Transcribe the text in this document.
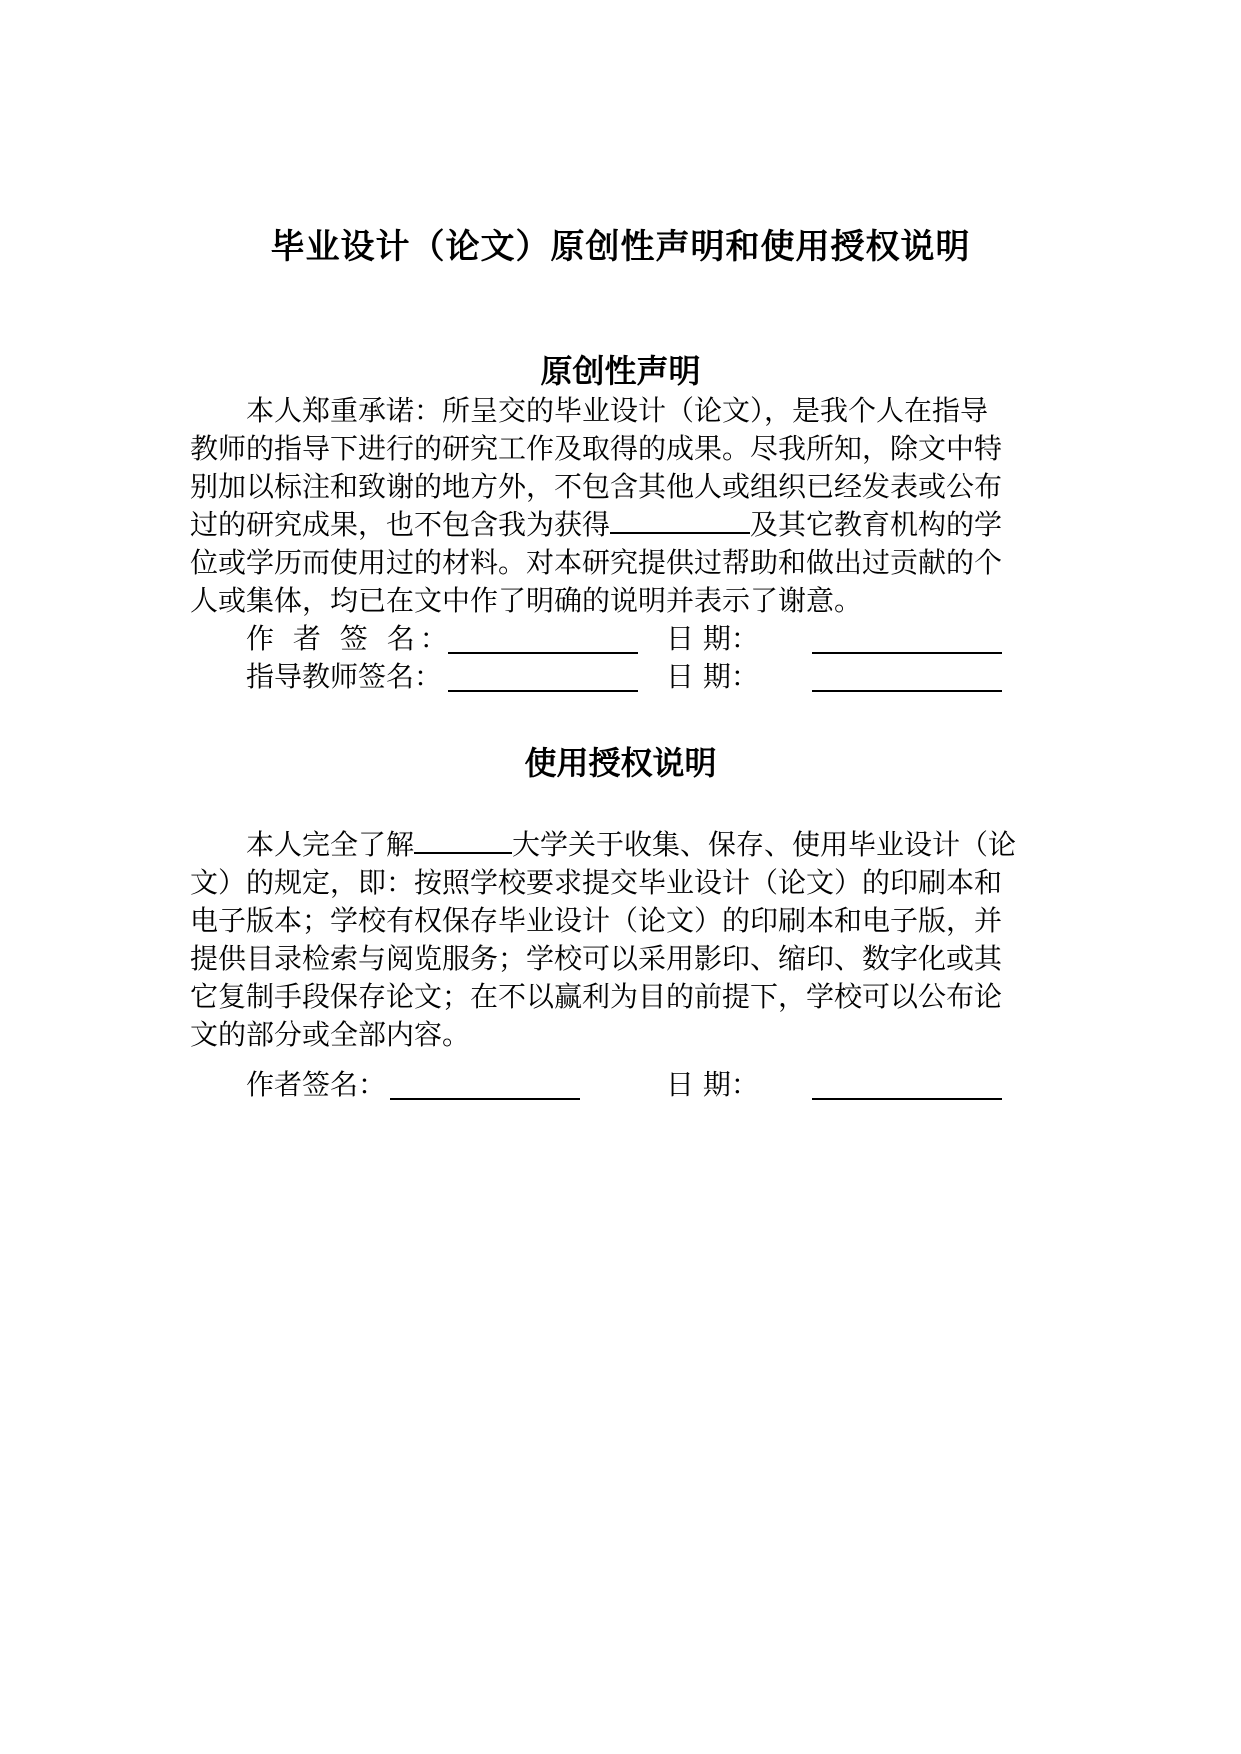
毕业设计（论文）原创性声明和使用授权说明
原创性声明
本人郑重承诺：所呈交的毕业设计（论文），是我个人在指导
教师的指导下进行的研究工作及取得的成果。尽我所知，除文中特
别加以标注和致谢的地方外，不包含其他人或组织已经发表或公布
过的研究成果，也不包含我为获得	及其它教育机构的学
位或学历而使用过的材料。对本研究提供过帮助和做出过贡献的个
人或集体，均已在文中作了明确的说明并表示了谢意。
作 者 签 名：	日 期：
指导教师签名：	日 期：
使用授权说明
本人完全了解	大学关于收集、保存、使用毕业设计（论
文）的规定，即：按照学校要求提交毕业设计（论文）的印刷本和
电子版本；学校有权保存毕业设计（论文）的印刷本和电子版，并
提供目录检索与阅览服务；学校可以采用影印、缩印、数字化或其
它复制手段保存论文；在不以赢利为目的前提下，学校可以公布论
文的部分或全部内容。
作者签名：	日 期：
